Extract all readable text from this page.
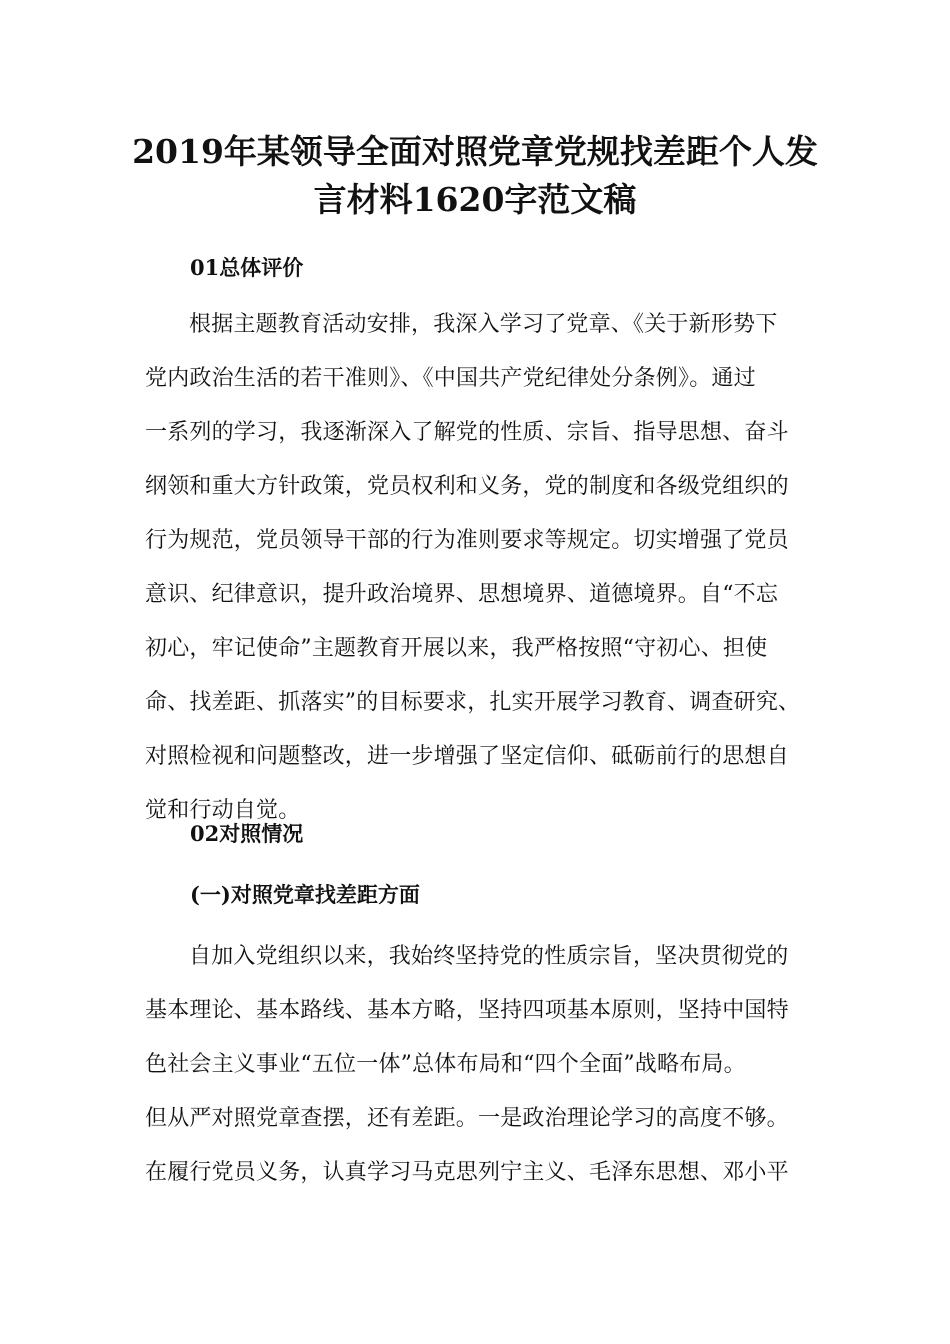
2019年某领导全面对照党章党规找差距个人发
言材料1620字范文稿
01总体评价
根据主题教育活动安排，我深入学习了党章、《关于新形势下
党内政治生活的若干准则》、《中国共产党纪律处分条例》。通过
一系列的学习，我逐渐深入了解党的性质、宗旨、指导思想、奋斗
纲领和重大方针政策，党员权利和义务，党的制度和各级党组织的
行为规范，党员领导干部的行为准则要求等规定。切实增强了党员
意识、纪律意识，提升政治境界、思想境界、道德境界。自“不忘
初心，牢记使命”主题教育开展以来，我严格按照“守初心、担使
命、找差距、抓落实”的目标要求，扎实开展学习教育、调查研究、
对照检视和问题整改，进一步增强了坚定信仰、砥砺前行的思想自
觉和行动自觉。
02对照情况
(一)对照党章找差距方面
自加入党组织以来，我始终坚持党的性质宗旨，坚决贯彻党的
基本理论、基本路线、基本方略，坚持四项基本原则，坚持中国特
色社会主义事业“五位一体”总体布局和“四个全面”战略布局。
但从严对照党章查摆，还有差距。一是政治理论学习的高度不够。
在履行党员义务，认真学习马克思列宁主义、毛泽东思想、邓小平
